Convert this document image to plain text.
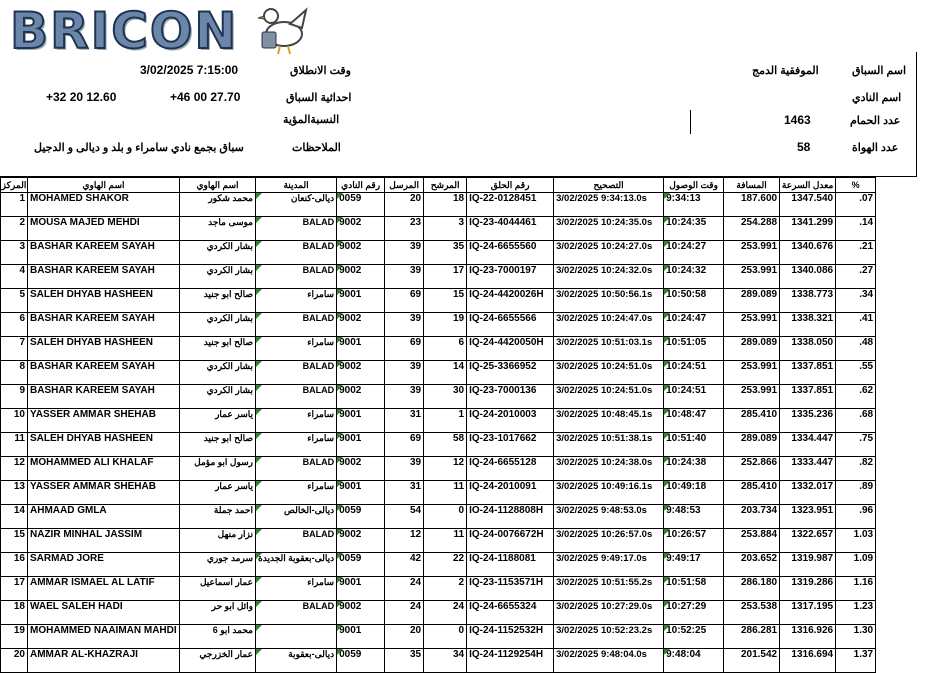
BRICON
اسم السباق
الموفقية الدمج
اسم النادي
عدد الحمام
1463
عدد الهواة
58
وقت الانطلاق
3/02/2025 7:15:00
احداثية السباق
+46 00 27.70
+32 20 12.60
النسبةالمؤية
الملاحظات
سباق بجمع نادي سامراء و بلد و ديالى و الدجيل
المركز	اسم الهاوي	اسم الهاوي	المدينة	رقم النادي	المرسل	المرشح	رقم الحلق	التصحيح	وقت الوصول	المسافة	معدل السرعة	%
1	MOHAMED SHAKOR	محمد شكور	ديالى-كنعان	0059	20	18	IQ-22-0128451	3/02/2025 9:34:13.0s	9:34:13	187.600	1347.540	.07
2	MOUSA MAJED MEHDI	موسى ماجد	BALAD	9002	23	3	IQ-23-4044461	3/02/2025 10:24:35.0s	10:24:35	254.288	1341.299	.14
3	BASHAR KAREEM SAYAH	بشار الكردي	BALAD	9002	39	35	IQ-24-6655560	3/02/2025 10:24:27.0s	10:24:27	253.991	1340.676	.21
4	BASHAR KAREEM SAYAH	بشار الكردي	BALAD	9002	39	17	IQ-23-7000197	3/02/2025 10:24:32.0s	10:24:32	253.991	1340.086	.27
5	SALEH DHYAB HASHEEN	صالح ابو جنيد	سامراء	9001	69	15	IQ-24-4420026H	3/02/2025 10:50:56.1s	10:50:58	289.089	1338.773	.34
6	BASHAR KAREEM SAYAH	بشار الكردي	BALAD	9002	39	19	IQ-24-6655566	3/02/2025 10:24:47.0s	10:24:47	253.991	1338.321	.41
7	SALEH DHYAB HASHEEN	صالح ابو جنيد	سامراء	9001	69	6	IQ-24-4420050H	3/02/2025 10:51:03.1s	10:51:05	289.089	1338.050	.48
8	BASHAR KAREEM SAYAH	بشار الكردي	BALAD	9002	39	14	IQ-25-3366952	3/02/2025 10:24:51.0s	10:24:51	253.991	1337.851	.55
9	BASHAR KAREEM SAYAH	بشار الكردي	BALAD	9002	39	30	IQ-23-7000136	3/02/2025 10:24:51.0s	10:24:51	253.991	1337.851	.62
10	YASSER AMMAR SHEHAB	ياسر عمار	سامراء	9001	31	1	IQ-24-2010003	3/02/2025 10:48:45.1s	10:48:47	285.410	1335.236	.68
11	SALEH DHYAB HASHEEN	صالح ابو جنيد	سامراء	9001	69	58	IQ-23-1017662	3/02/2025 10:51:38.1s	10:51:40	289.089	1334.447	.75
12	MOHAMMED ALI KHALAF	رسول ابو مؤمل	BALAD	9002	39	12	IQ-24-6655128	3/02/2025 10:24:38.0s	10:24:38	252.866	1333.447	.82
13	YASSER AMMAR SHEHAB	ياسر عمار	سامراء	9001	31	11	IQ-24-2010091	3/02/2025 10:49:16.1s	10:49:18	285.410	1332.017	.89
14	AHMAAD GMLA	احمد جملة	ديالى-الخالص	0059	54	0	IO-24-1128808H	3/02/2025 9:48:53.0s	9:48:53	203.734	1323.951	.96
15	NAZIR MINHAL JASSIM	نزار منهل	BALAD	9002	12	11	IQ-24-0076672H	3/02/2025 10:26:57.0s	10:26:57	253.884	1322.657	1.03
16	SARMAD JORE	سرمد جوري	ديالى-بعقوبة الجديدة	0059	42	22	IQ-24-1188081	3/02/2025 9:49:17.0s	9:49:17	203.652	1319.987	1.09
17	AMMAR ISMAEL AL LATIF	عمار اسماعيل	سامراء	9001	24	2	IQ-23-1153571H	3/02/2025 10:51:55.2s	10:51:58	286.180	1319.286	1.16
18	WAEL SALEH HADI	وائل ابو حر	BALAD	9002	24	24	IQ-24-6655324	3/02/2025 10:27:29.0s	10:27:29	253.538	1317.195	1.23
19	MOHAMMED NAAIMAN MAHDI	محمد ابو 6		9001	20	0	IQ-24-1152532H	3/02/2025 10:52:23.2s	10:52:25	286.281	1316.926	1.30
20	AMMAR AL-KHAZRAJI	عمار الخزرجي	ديالى-بعقوبة	0059	35	34	IQ-24-1129254H	3/02/2025 9:48:04.0s	9:48:04	201.542	1316.694	1.37
